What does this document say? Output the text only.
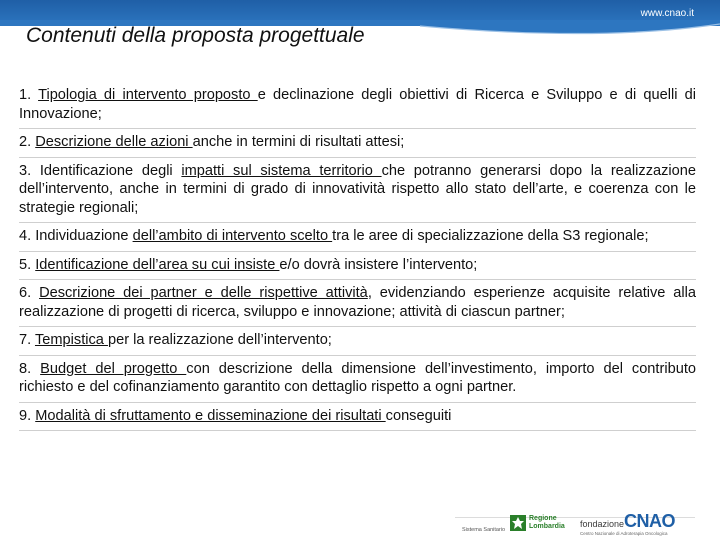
www.cnao.it
Contenuti della proposta progettuale
1. Tipologia di intervento proposto e declinazione degli obiettivi di Ricerca e Sviluppo e di quelli di Innovazione;
2. Descrizione delle azioni anche in termini di risultati attesi;
3. Identificazione degli impatti sul sistema territorio che potranno generarsi dopo la realizzazione dell’intervento, anche in termini di grado di innovatività rispetto allo stato dell’arte, e coerenza con le strategie regionali;
4. Individuazione dell’ambito di intervento scelto tra le aree di specializzazione della S3 regionale;
5. Identificazione dell’area su cui insiste e/o dovrà insistere l’intervento;
6. Descrizione dei partner e delle rispettive attività, evidenziando esperienze acquisite relative alla realizzazione di progetti di ricerca, sviluppo e innovazione; attività di ciascun partner;
7. Tempistica per la realizzazione dell’intervento;
8. Budget del progetto con descrizione della dimensione dell’investimento, importo del contributo richiesto e del cofinanziamento garantito con dettaglio rispetto a ogni partner.
9. Modalità di sfruttamento e disseminazione dei risultati conseguiti
Sistema Sanitario
Regione
Lombardia fondazione CNAO
Centro Nazionale di Adroterapia Oncologica
